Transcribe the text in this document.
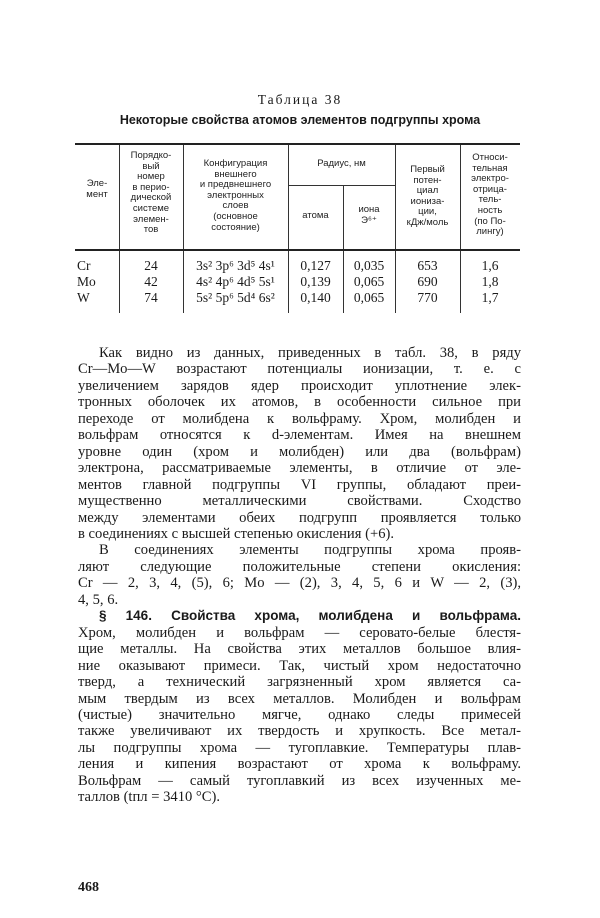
Таблица 38
Некоторые свойства атомов элементов подгруппы хрома
Эле-
мент
Порядко-
вый
номер
в перио-
дической
системе
элемен-
тов
Конфигурация
внешнего
и предвнешнего
электронных
слоев
(основное
состояние)
Радиус, нм
атома
иона
Э⁶⁺
Первый
потен-
циал
иониза-
ции,
кДж/моль
Относи-
тельная
электро-
отрица-
тель-
ность
(по По-
лингу)
Cr	24	3s² 3p⁶ 3d⁵ 4s¹	0,127	0,035	653	1,6
Mo	42	4s² 4p⁶ 4d⁵ 5s¹	0,139	0,065	690	1,8
W	74	5s² 5p⁶ 5d⁴ 6s²	0,140	0,065	770	1,7
Как видно из данных, приведенных в табл. 38, в ряду
Cr—Mo—W возрастают потенциалы ионизации, т. е. с
увеличением зарядов ядер происходит уплотнение элек-
тронных оболочек их атомов, в особенности сильное при
переходе от молибдена к вольфраму. Хром, молибден и
вольфрам относятся к d-элементам. Имея на внешнем
уровне один (хром и молибден) или два (вольфрам)
электрона, рассматриваемые элементы, в отличие от эле-
ментов главной подгруппы VI группы, обладают преи-
мущественно металлическими свойствами. Сходство
между элементами обеих подгрупп проявляется только
в соединениях с высшей степенью окисления (+6).
В соединениях элементы подгруппы хрома прояв-
ляют следующие положительные степени окисления:
Cr — 2, 3, 4, (5), 6; Mo — (2), 3, 4, 5, 6 и W — 2, (3),
4, 5, 6.
§ 146. Свойства хрома, молибдена и вольфрама.
Хром, молибден и вольфрам — серовато-белые блестя-
щие металлы. На свойства этих металлов большое влия-
ние оказывают примеси. Так, чистый хром недостаточно
тверд, а технический загрязненный хром является са-
мым твердым из всех металлов. Молибден и вольфрам
(чистые) значительно мягче, однако следы примесей
также увеличивают их твердость и хрупкость. Все метал-
лы подгруппы хрома — тугоплавкие. Температуры плав-
ления и кипения возрастают от хрома к вольфраму.
Вольфрам — самый тугоплавкий из всех изученных ме-
таллов (tпл = 3410 °C).
468
